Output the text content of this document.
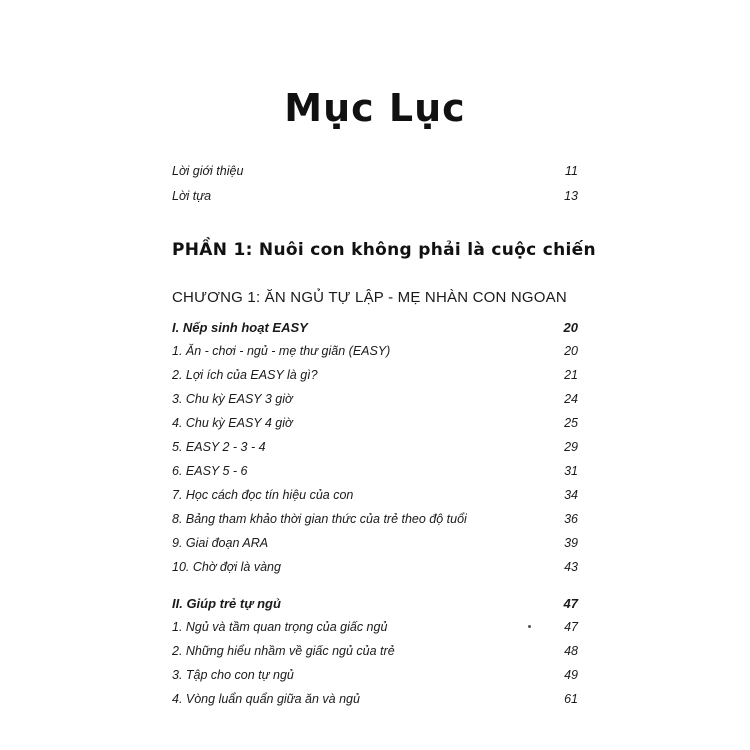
Mục Lục
Lời giới thiệu	11
Lời tựa	13
PHẦN 1: Nuôi con không phải là cuộc chiến
CHƯƠNG 1: ĂN NGỦ TỰ LẬP - MẸ NHÀN CON NGOAN
I. Nếp sinh hoạt EASY	20
1. Ăn - chơi - ngủ - mẹ thư giãn (EASY)	20
2. Lợi ích của EASY là gì?	21
3. Chu kỳ EASY 3 giờ	24
4. Chu kỳ EASY 4 giờ	25
5. EASY 2 - 3 - 4	29
6. EASY 5 - 6	31
7. Học cách đọc tín hiệu của con	34
8. Bảng tham khảo thời gian thức của trẻ theo độ tuổi	36
9. Giai đoạn ARA	39
10. Chờ đợi là vàng	43
II. Giúp trẻ tự ngủ	47
1. Ngủ và tầm quan trọng của giấc ngủ	47
2. Những hiểu nhầm về giấc ngủ của trẻ	48
3. Tập cho con tự ngủ	49
4. Vòng luẩn quẩn giữa ăn và ngủ	61
